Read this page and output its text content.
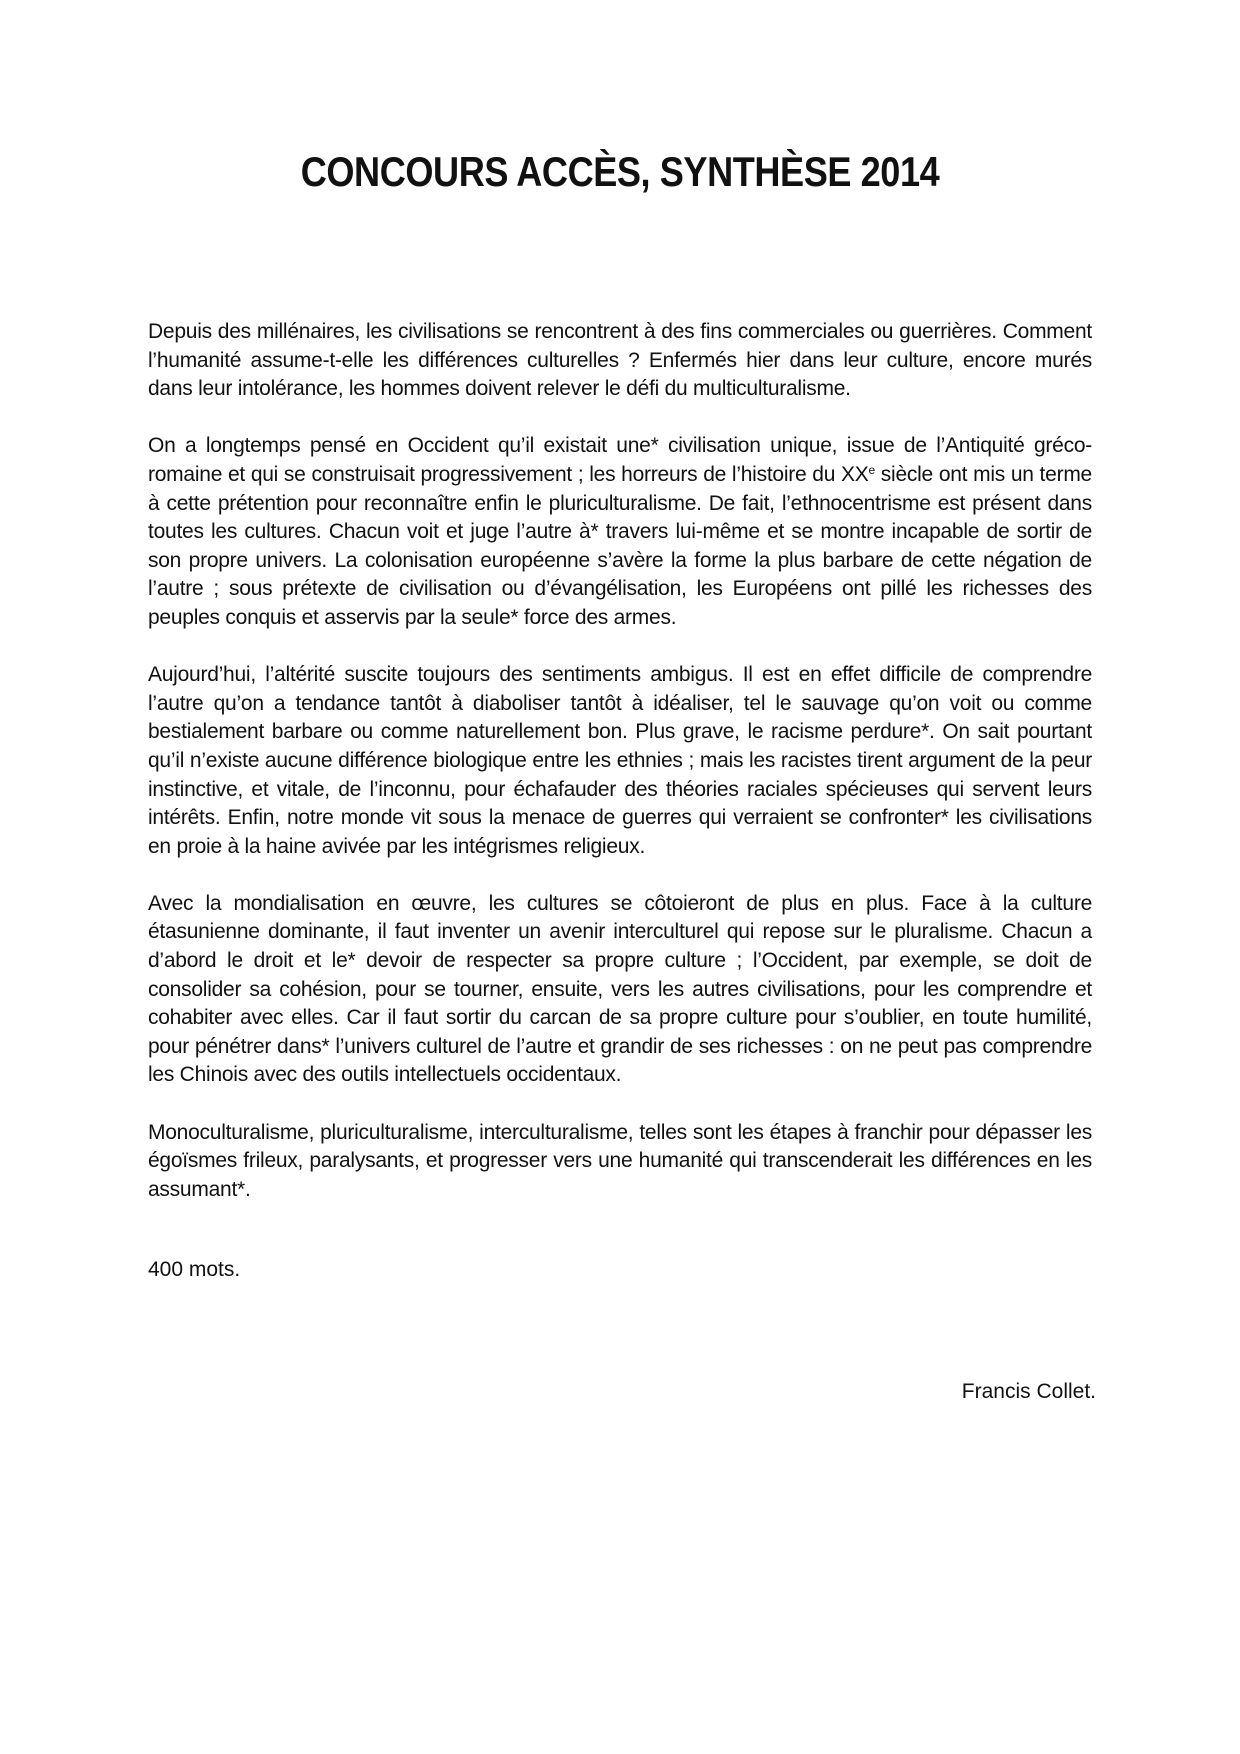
CONCOURS ACCÈS, SYNTHÈSE 2014

Depuis des millénaires, les civilisations se rencontrent à des fins commerciales ou guerrières. Comment l’humanité assume-t-elle les différences culturelles ? Enfermés hier dans leur culture, encore murés dans leur intolérance, les hommes doivent relever le défi du multiculturalisme.

On a longtemps pensé en Occident qu’il existait une* civilisation unique, issue de l’Antiquité gréco-romaine et qui se construisait progressivement ; les horreurs de l’histoire du XXe siècle ont mis un terme à cette prétention pour reconnaître enfin le pluriculturalisme. De fait, l’ethnocentrisme est présent dans toutes les cultures. Chacun voit et juge l’autre à* travers lui-même et se montre incapable de sortir de son propre univers. La colonisation européenne s’avère la forme la plus barbare de cette négation de l’autre ; sous prétexte de civilisation ou d’évangélisation, les Européens ont pillé les richesses des peuples conquis et asservis par la seule* force des armes.

Aujourd’hui, l’altérité suscite toujours des sentiments ambigus. Il est en effet difficile de comprendre l’autre qu’on a tendance tantôt à diaboliser tantôt à idéaliser, tel le sauvage qu’on voit ou comme bestialement barbare ou comme naturellement bon. Plus grave, le racisme perdure*. On sait pourtant qu’il n’existe aucune différence biologique entre les ethnies ; mais les racistes tirent argument de la peur instinctive, et vitale, de l’inconnu, pour échafauder des théories raciales spécieuses qui servent leurs intérêts. Enfin, notre monde vit sous la menace de guerres qui verraient se confronter* les civilisations en proie à la haine avivée par les intégrismes religieux.

Avec la mondialisation en œuvre, les cultures se côtoieront de plus en plus. Face à la culture étasunienne dominante, il faut inventer un avenir interculturel qui repose sur le pluralisme. Chacun a d’abord le droit et le* devoir de respecter sa propre culture ; l’Occident, par exemple, se doit de consolider sa cohésion, pour se tourner, ensuite, vers les autres civilisations, pour les comprendre et cohabiter avec elles. Car il faut sortir du carcan de sa propre culture pour s’oublier, en toute humilité, pour pénétrer dans* l’univers culturel de l’autre et grandir de ses richesses : on ne peut pas comprendre les Chinois avec des outils intellectuels occidentaux.

Monoculturalisme, pluriculturalisme, interculturalisme, telles sont les étapes à franchir pour dépasser les égoïsmes frileux, paralysants, et progresser vers une humanité qui transcenderait les différences en les assumant*.

400 mots.
Francis Collet.
